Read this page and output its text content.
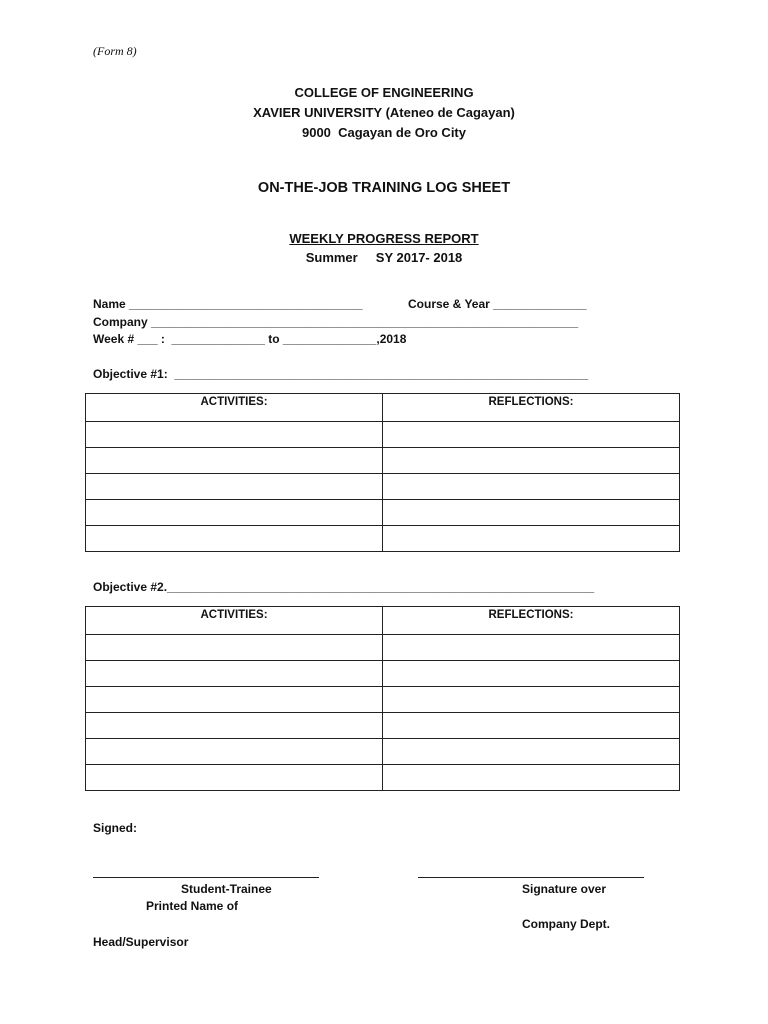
(Form 8)
COLLEGE OF ENGINEERING
XAVIER UNIVERSITY (Ateneo de Cagayan)
9000  Cagayan de Oro City
ON-THE-JOB TRAINING LOG SHEET
WEEKLY PROGRESS REPORT
Summer     SY 2017- 2018
Name ___________________________________	Course & Year ______________
Company ________________________________________________________________
Week # ___ :  ______________ to ______________,2018
Objective #1:  ______________________________________________________________
ACTIVITIES:	REFLECTIONS:

Objective #2.________________________________________________________________
ACTIVITIES:	REFLECTIONS:

Signed:
Student-Trainee	Signature over
Printed Name of
Company Dept.
Head/Supervisor
